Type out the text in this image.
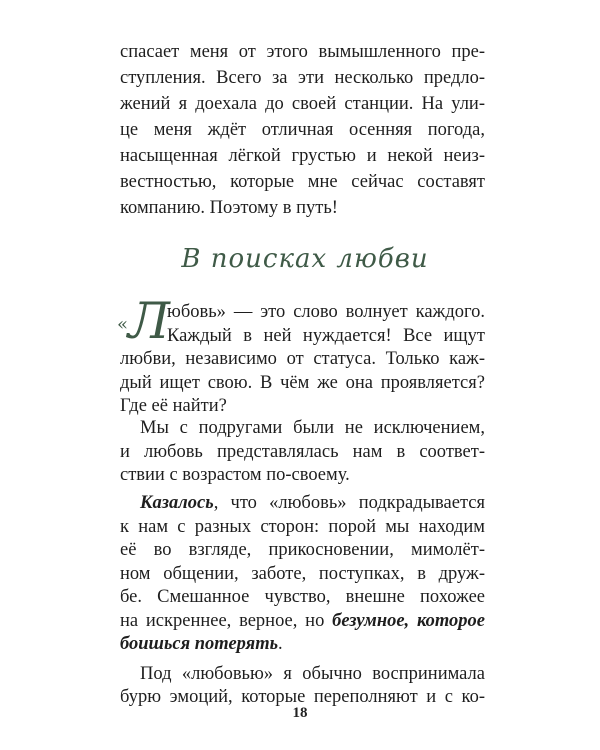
спасает меня от этого вымышленного пре-
ступления. Всего за эти несколько предло-
жений я доехала до своей станции. На ули-
це меня ждёт отличная осенняя погода,
насыщенная лёгкой грустью и некой неиз-
вестностью, которые мне сейчас составят
компанию. Поэтому в путь!
В поисках любви
«Л
юбовь» — это слово волнует каждого.
Каждый в ней нуждается! Все ищут
любви, независимо от статуса. Только каж-
дый ищет свою. В чём же она проявляется?
Где её найти?
Мы с подругами были не исключением,
и любовь представлялась нам в соответ-
ствии с возрастом по-своему.
Казалось, что «любовь» подкрадывается
к нам с разных сторон: порой мы находим
её во взгляде, прикосновении, мимолёт-
ном общении, заботе, поступках, в друж-
бе. Смешанное чувство, внешне похожее
на искреннее, верное, но безумное, которое
боишься потерять.
18
Под «любовью» я обычно воспринимала
бурю эмоций, которые переполняют и с ко-
